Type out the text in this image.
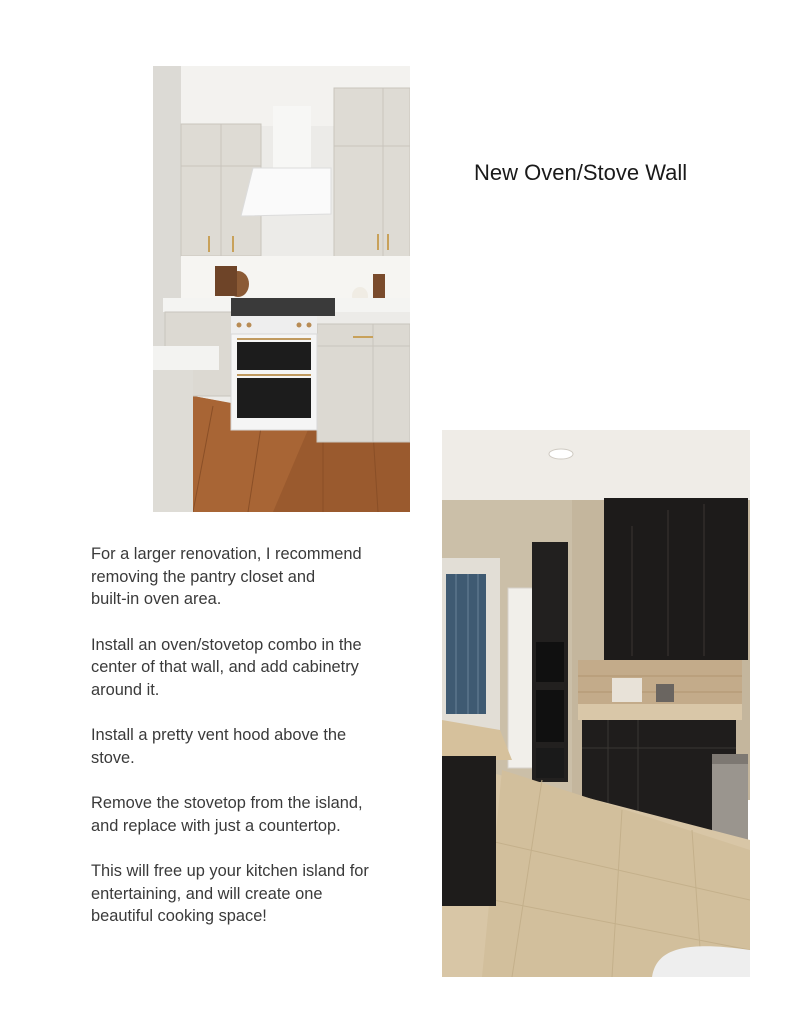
New Oven/Stove Wall

For a larger renovation, I recommend
removing the pantry closet and
built-in oven area.

Install an oven/stovetop combo in the
center of that wall, and add cabinetry
around it.

Install a pretty vent hood above the
stove.

Remove the stovetop from the island,
and replace with just a countertop.

This will free up your kitchen island for
entertaining, and will create one
beautiful cooking space!
